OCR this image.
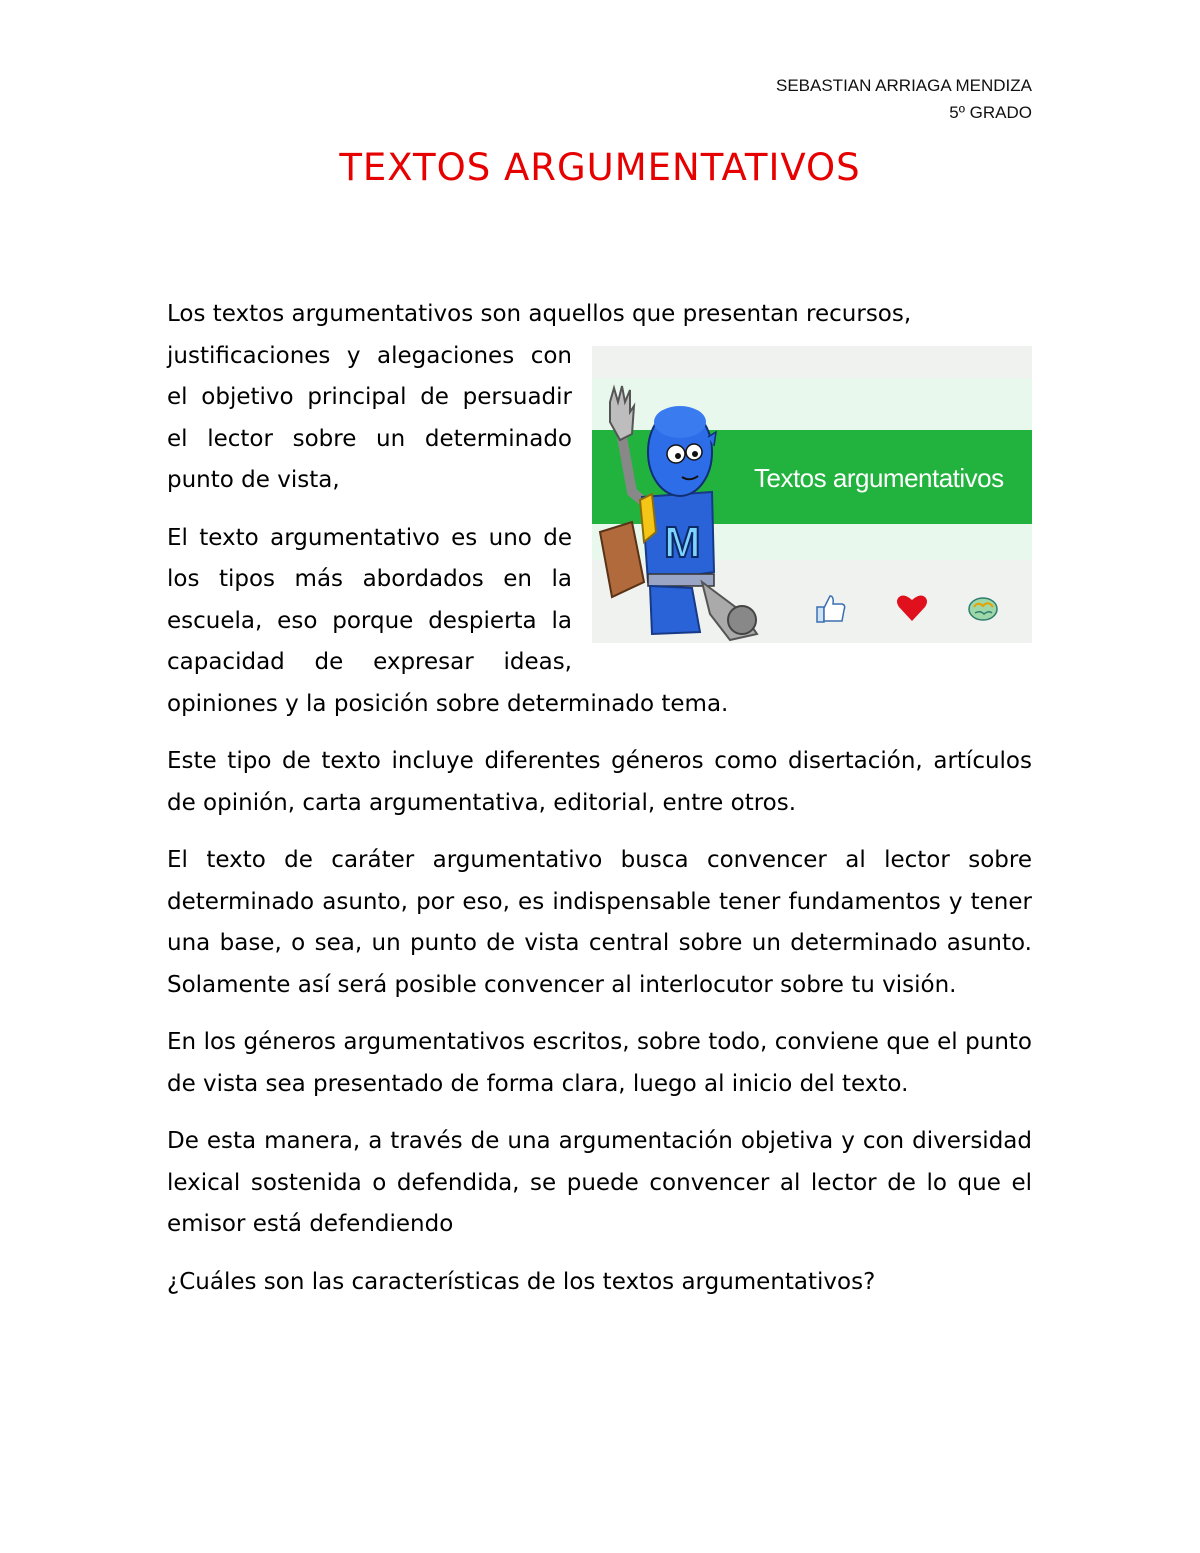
SEBASTIAN ARRIAGA MENDIZA
5º GRADO
TEXTOS ARGUMENTATIVOS

Los textos argumentativos son aquellos que presentan recursos,

Textos argumentativos
M

justificaciones y alegaciones con el objetivo principal de persuadir el lector sobre un determinado punto de vista,

El texto argumentativo es uno de los tipos más abordados en la escuela, eso porque despierta la capacidad de expresar ideas, opiniones y la posición sobre determinado tema.

Este tipo de texto incluye diferentes géneros como disertación, artículos de opinión, carta argumentativa, editorial, entre otros.

El texto de caráter argumentativo busca convencer al lector sobre determinado asunto, por eso, es indispensable tener fundamentos y tener una base, o sea, un punto de vista central sobre un determinado asunto. Solamente así será posible convencer al interlocutor sobre tu visión.

En los géneros argumentativos escritos, sobre todo, conviene que el punto de vista sea presentado de forma clara, luego al inicio del texto.

De esta manera, a través de una argumentación objetiva y con diversidad lexical sostenida o defendida, se puede convencer al lector de lo que el emisor está defendiendo

¿Cuáles son las características de los textos argumentativos?
